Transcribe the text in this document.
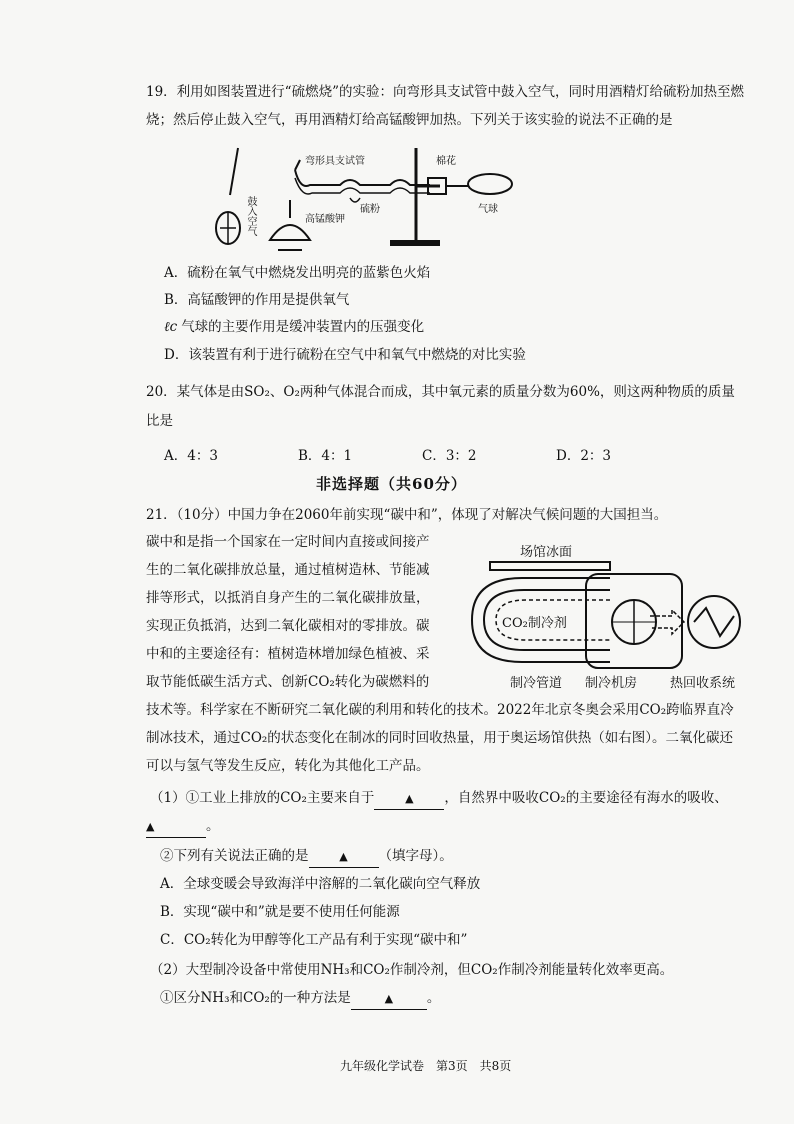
19．利用如图装置进行“硫燃烧”的实验：向弯形具支试管中鼓入空气，同时用酒精灯给硫粉加热至燃
烧；然后停止鼓入空气，再用酒精灯给高锰酸钾加热。下列关于该实验的说法不正确的是
弯形具支试管	棉花
高锰酸钾
硫粉	气球
鼓入空气
A．硫粉在氧气中燃烧发出明亮的蓝紫色火焰
B．高锰酸钾的作用是提供氧气
ℓc 气球的主要作用是缓冲装置内的压强变化
D．该装置有利于进行硫粉在空气中和氧气中燃烧的对比实验
20．某气体是由SO₂、O₂两种气体混合而成，其中氧元素的质量分数为60%，则这两种物质的质量
比是
A．4：3	B．4：1	C．3：2	D．2：3
非选择题（共60分）
21．（10分）中国力争在2060年前实现“碳中和”，体现了对解决气候问题的大国担当。
碳中和是指一个国家在一定时间内直接或间接产
生的二氧化碳排放总量，通过植树造林、节能减
排等形式，以抵消自身产生的二氧化碳排放量，
实现正负抵消，达到二氧化碳相对的零排放。碳
中和的主要途径有：植树造林增加绿色植被、采
取节能低碳生活方式、创新CO₂转化为碳燃料的
技术等。科学家在不断研究二氧化碳的利用和转化的技术。2022年北京冬奥会采用CO₂跨临界直冷
制冰技术，通过CO₂的状态变化在制冰的同时回收热量，用于奥运场馆供热（如右图）。二氧化碳还
可以与氢气等发生反应，转化为其他化工产品。
场馆冰面
CO₂制冷剂
制冷管道 制冷机房	热回收系统
（1）①工业上排放的CO₂主要来自于	▲ ，自然界中吸收CO₂的主要途径有海水的吸收、
▲	。
②下列有关说法正确的是	▲ （填字母）。
A．全球变暖会导致海洋中溶解的二氧化碳向空气释放
B．实现“碳中和”就是要不使用任何能源
C．CO₂转化为甲醇等化工产品有利于实现“碳中和”
（2）大型制冷设备中常使用NH₃和CO₂作制冷剂，但CO₂作制冷剂能量转化效率更高。
①区分NH₃和CO₂的一种方法是	▲	。
九年级化学试卷　第3页　共8页
